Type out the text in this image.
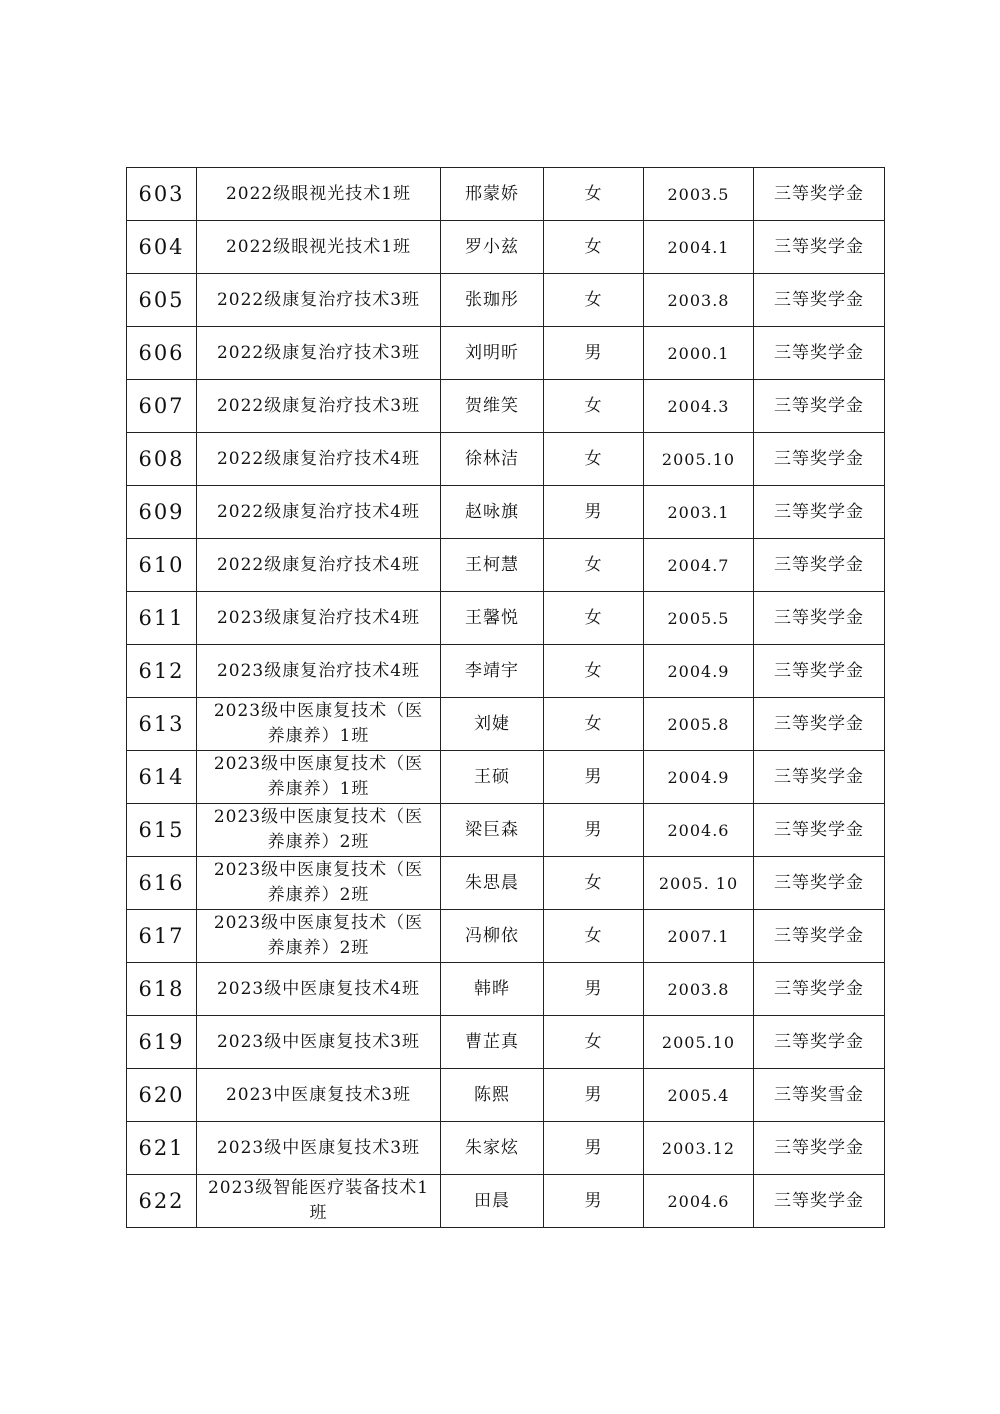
603	2022级眼视光技术1班	邢蒙娇	女	2003.5	三等奖学金
604	2022级眼视光技术1班	罗小兹	女	2004.1	三等奖学金
605	2022级康复治疗技术3班	张珈彤	女	2003.8	三等奖学金
606	2022级康复治疗技术3班	刘明昕	男	2000.1	三等奖学金
607	2022级康复治疗技术3班	贺维笑	女	2004.3	三等奖学金
608	2022级康复治疗技术4班	徐林洁	女	2005.10	三等奖学金
609	2022级康复治疗技术4班	赵咏旗	男	2003.1	三等奖学金
610	2022级康复治疗技术4班	王柯慧	女	2004.7	三等奖学金
611	2023级康复治疗技术4班	王馨悦	女	2005.5	三等奖学金
612	2023级康复治疗技术4班	李靖宇	女	2004.9	三等奖学金
613	2023级中医康复技术（医养康养）1班	刘婕	女	2005.8	三等奖学金
614	2023级中医康复技术（医养康养）1班	王硕	男	2004.9	三等奖学金
615	2023级中医康复技术（医养康养）2班	梁巨森	男	2004.6	三等奖学金
616	2023级中医康复技术（医养康养）2班	朱思晨	女	2005. 10	三等奖学金
617	2023级中医康复技术（医养康养）2班	冯柳依	女	2007.1	三等奖学金
618	2023级中医康复技术4班	韩晔	男	2003.8	三等奖学金
619	2023级中医康复技术3班	曹芷真	女	2005.10	三等奖学金
620	2023中医康复技术3班	陈熙	男	2005.4	三等奖雪金
621	2023级中医康复技术3班	朱家炫	男	2003.12	三等奖学金
622	2023级智能医疗装备技术1班	田晨	男	2004.6	三等奖学金
